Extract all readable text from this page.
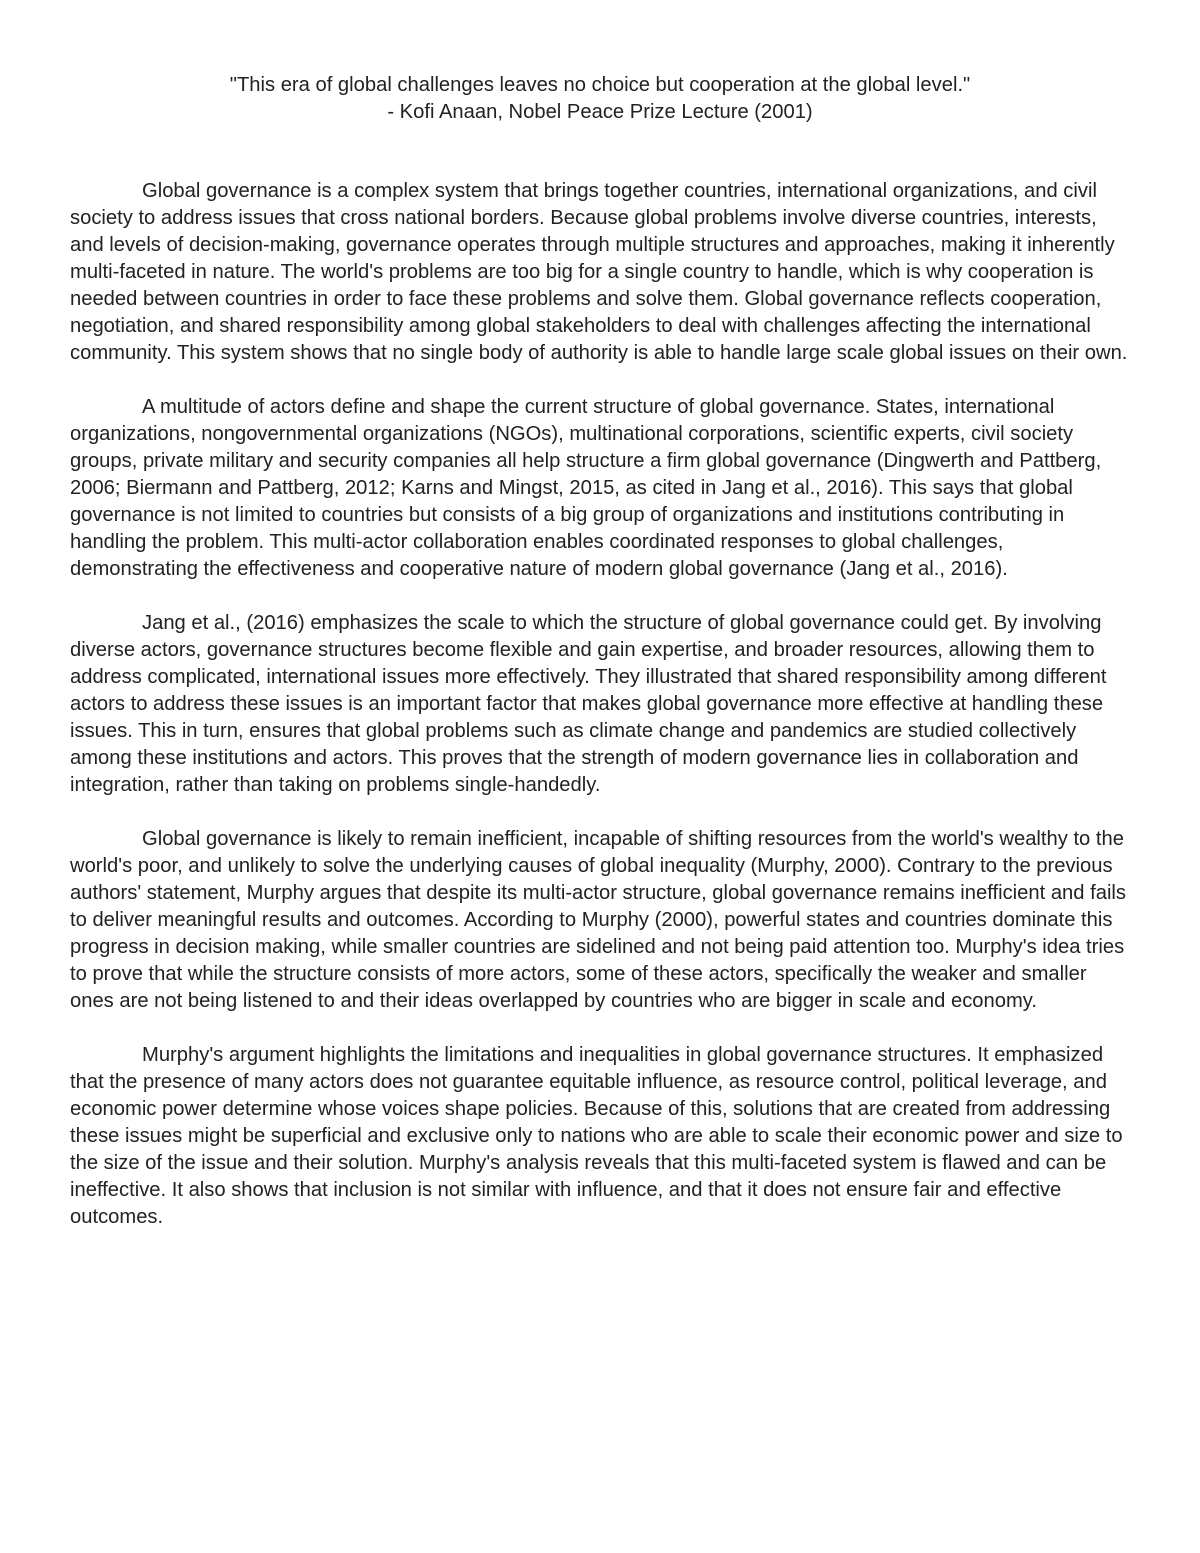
"This era of global challenges leaves no choice but cooperation at the global level."
- Kofi Anaan, Nobel Peace Prize Lecture (2001)

Global governance is a complex system that brings together countries, international organizations, and civil society to address issues that cross national borders. Because global problems involve diverse countries, interests, and levels of decision-making, governance operates through multiple structures and approaches, making it inherently multi-faceted in nature. The world's problems are too big for a single country to handle, which is why cooperation is needed between countries in order to face these problems and solve them. Global governance reflects cooperation, negotiation, and shared responsibility among global stakeholders to deal with challenges affecting the international community. This system shows that no single body of authority is able to handle large scale global issues on their own.

A multitude of actors define and shape the current structure of global governance. States, international organizations, nongovernmental organizations (NGOs), multinational corporations, scientific experts, civil society groups, private military and security companies all help structure a firm global governance (Dingwerth and Pattberg, 2006; Biermann and Pattberg, 2012; Karns and Mingst, 2015, as cited in Jang et al., 2016). This says that global governance is not limited to countries but consists of a big group of organizations and institutions contributing in handling the problem. This multi-actor collaboration enables coordinated responses to global challenges, demonstrating the effectiveness and cooperative nature of modern global governance (Jang et al., 2016).

Jang et al., (2016) emphasizes the scale to which the structure of global governance could get. By involving diverse actors, governance structures become flexible and gain expertise, and broader resources, allowing them to address complicated, international issues more effectively. They illustrated that shared responsibility among different actors to address these issues is an important factor that makes global governance more effective at handling these issues. This in turn, ensures that global problems such as climate change and pandemics are studied collectively among these institutions and actors. This proves that the strength of modern governance lies in collaboration and integration, rather than taking on problems single-handedly.

Global governance is likely to remain inefficient, incapable of shifting resources from the world's wealthy to the world's poor, and unlikely to solve the underlying causes of global inequality (Murphy, 2000). Contrary to the previous authors' statement, Murphy argues that despite its multi-actor structure, global governance remains inefficient and fails to deliver meaningful results and outcomes. According to Murphy (2000), powerful states and countries dominate this progress in decision making, while smaller countries are sidelined and not being paid attention too. Murphy's idea tries to prove that while the structure consists of more actors, some of these actors, specifically the weaker and smaller ones are not being listened to and their ideas overlapped by countries who are bigger in scale and economy.

Murphy's argument highlights the limitations and inequalities in global governance structures. It emphasized that the presence of many actors does not guarantee equitable influence, as resource control, political leverage, and economic power determine whose voices shape policies. Because of this, solutions that are created from addressing these issues might be superficial and exclusive only to nations who are able to scale their economic power and size to the size of the issue and their solution. Murphy's analysis reveals that this multi-faceted system is flawed and can be ineffective. It also shows that inclusion is not similar with influence, and that it does not ensure fair and effective outcomes.
